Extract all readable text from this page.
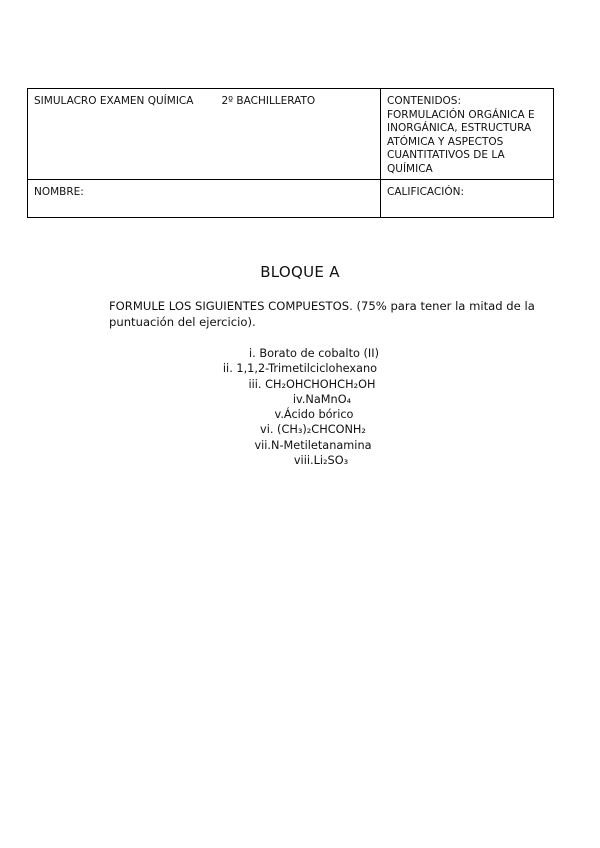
SIMULACRO EXAMEN QUÍMICA 2º BACHILLERATO	CONTENIDOS:
FORMULACIÓN ORGÁNICA E INORGÁNICA, ESTRUCTURA ATÓMICA Y ASPECTOS CUANTITATIVOS DE LA QUÍMICA

NOMBRE:	CALIFICACIÓN:
BLOQUE A
FORMULE LOS SIGUIENTES COMPUESTOS. (75% para tener la mitad de la puntuación del ejercicio).
i. Borato de cobalto (II)
ii. 1,1,2-Trimetilciclohexano
iii. CH₂OHCHOHCH₂OH
iv.NaMnO₄
v.Ácido bórico
vi. (CH₃)₂CHCONH₂
vii.N-Metiletanamina
viii.Li₂SO₃
